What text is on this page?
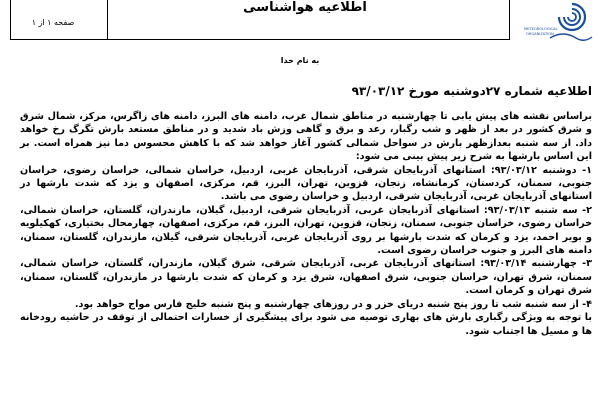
صفحه ۱ از ۱
اطلاعیه هواشناسی
METEOROLOGICAL
ORGANIZATION
به نام خدا
اطلاعیه شماره ۲۷دوشنبه مورخ ۹۳/۰۳/۱۲

براساس نقشه های پیش یابی تا چهارشنبه در مناطق شمال غرب، دامنه های البرز، دامنه های زاگرس، مرکز، شمال شرق و شرق کشور در بعد از ظهر و شب رگبار، رعد و برق و گاهی وزش باد شدید و در مناطق مستعد بارش تگرگ رخ خواهد داد. از سه شنبه بعدازظهر بارش در سواحل شمالی کشور آغاز خواهد شد که با کاهش محسوس دما نیز همراه است. بر این اساس بارشها به شرح زیر پیش بینی می شود:

۱- دوشنبه ۹۳/۰۳/۱۲: استانهای آذربایجان شرقی، آذربایجان غربی، اردبیل، خراسان شمالی، خراسان رضوی، خراسان جنوبی، سمنان، کردستان، کرمانشاه، زنجان، قزوین، تهران، البرز، قم، مرکزی، اصفهان و یزد که شدت بارشها در استانهای آذربایجان غربی، آذربایجان شرقی، اردبیل و خراسان رضوی می باشد.

۲- سه شنبه ۹۳/۰۳/۱۳: استانهای آذربایجان غربی، آذربایجان شرقی، اردبیل، گیلان، مازندران، گلستان، خراسان شمالی، خراسان رضوی، خراسان جنوبی، سمنان، زنجان، قزوین، تهران، البرز، قم، مرکزی، اصفهان، چهارمحال بختیاری، کهکیلویه و بویر احمد، یزد و کرمان که شدت بارشها بر روی آذربایجان غربی، آذربایجان شرقی، گیلان، مازندران، گلستان، سمنان، دامنه های البرز و جنوب خراسان رضوی است.

۳- چهارشنبه ۹۳/۰۳/۱۴: استانهای آذربایجان غربی، آذربایجان شرقی، شرق گیلان، مازندران، گلستان، خراسان شمالی، سمنان، شرق تهران، خراسان جنوبی، شرق اصفهان، شرق یزد و کرمان که شدت بارشها در مازندران، گلستان، سمنان، شرق تهران و کرمان است.

۴- از سه شنبه شب تا روز پنج شنبه دریای خزر و در روزهای چهارشنبه و پنج شنبه خلیج فارس مواج خواهد بود.

با توجه به ویژگی رگباری بارش های بهاری توصیه می شود برای پیشگیری از خسارات احتمالی از توقف در حاشیه رودخانه ها و مسیل ها اجتناب شود.
